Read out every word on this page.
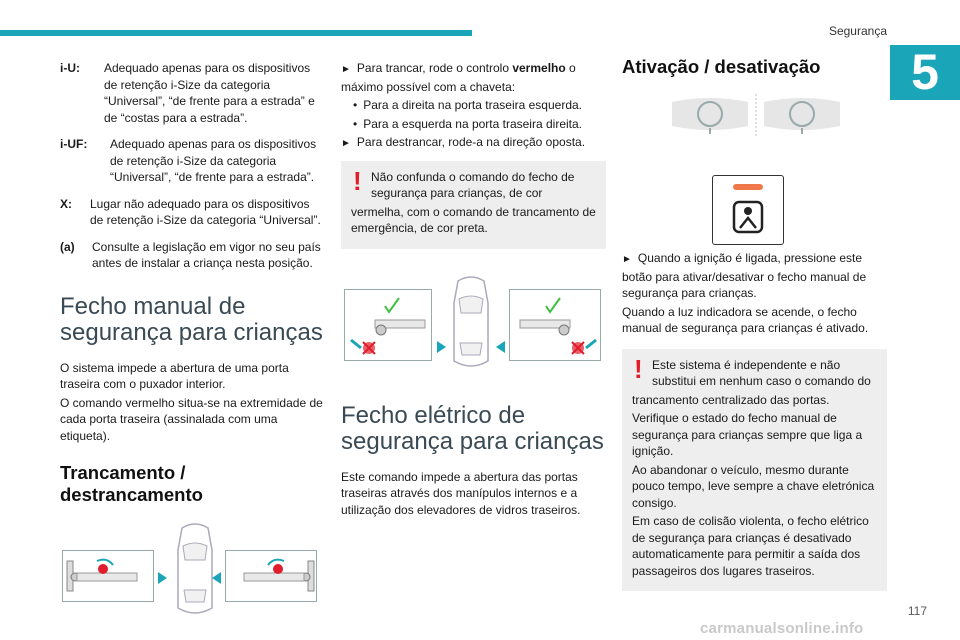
Segurança
5
i-U:	Adequado apenas para os dispositivos de retenção i-Size da categoria “Universal”, “de frente para a estrada” e de “costas para a estrada”.
i-UF:	Adequado apenas para os dispositivos de retenção i-Size da categoria “Universal”, “de frente para a estrada”.
X:	Lugar não adequado para os dispositivos de retenção i-Size da categoria “Universal”.
(a)	Consulte a legislação em vigor no seu país antes de instalar a criança nesta posição.
Fecho manual de segurança para crianças

O sistema impede a abertura de uma porta traseira com o puxador interior.

O comando vermelho situa-se na extremidade de cada porta traseira (assinalada com uma etiqueta).

Trancamento / destrancamento

► Para trancar, rode o controlo vermelho o máximo possível com a chaveta:

• Para a direita na porta traseira esquerda.

• Para a esquerda na porta traseira direita.

► Para destrancar, rode-a na direção oposta.

! Não confunda o comando do fecho de segurança para crianças, de cor

vermelha, com o comando de trancamento de emergência, de cor preta.

Fecho elétrico de segurança para crianças

Este comando impede a abertura das portas traseiras através dos manípulos internos e a utilização dos elevadores de vidros traseiros.

Ativação / desativação

► Quando a ignição é ligada, pressione este botão para ativar/desativar o fecho manual de segurança para crianças.

Quando a luz indicadora se acende, o fecho manual de segurança para crianças é ativado.

! Este sistema é independente e não substitui em nenhum caso o comando do

trancamento centralizado das portas.

Verifique o estado do fecho manual de segurança para crianças sempre que liga a ignição.

Ao abandonar o veículo, mesmo durante pouco tempo, leve sempre a chave eletrónica consigo.

Em caso de colisão violenta, o fecho elétrico de segurança para crianças é desativado automaticamente para permitir a saída dos passageiros dos lugares traseiros.

117
carmanualsonline.info
